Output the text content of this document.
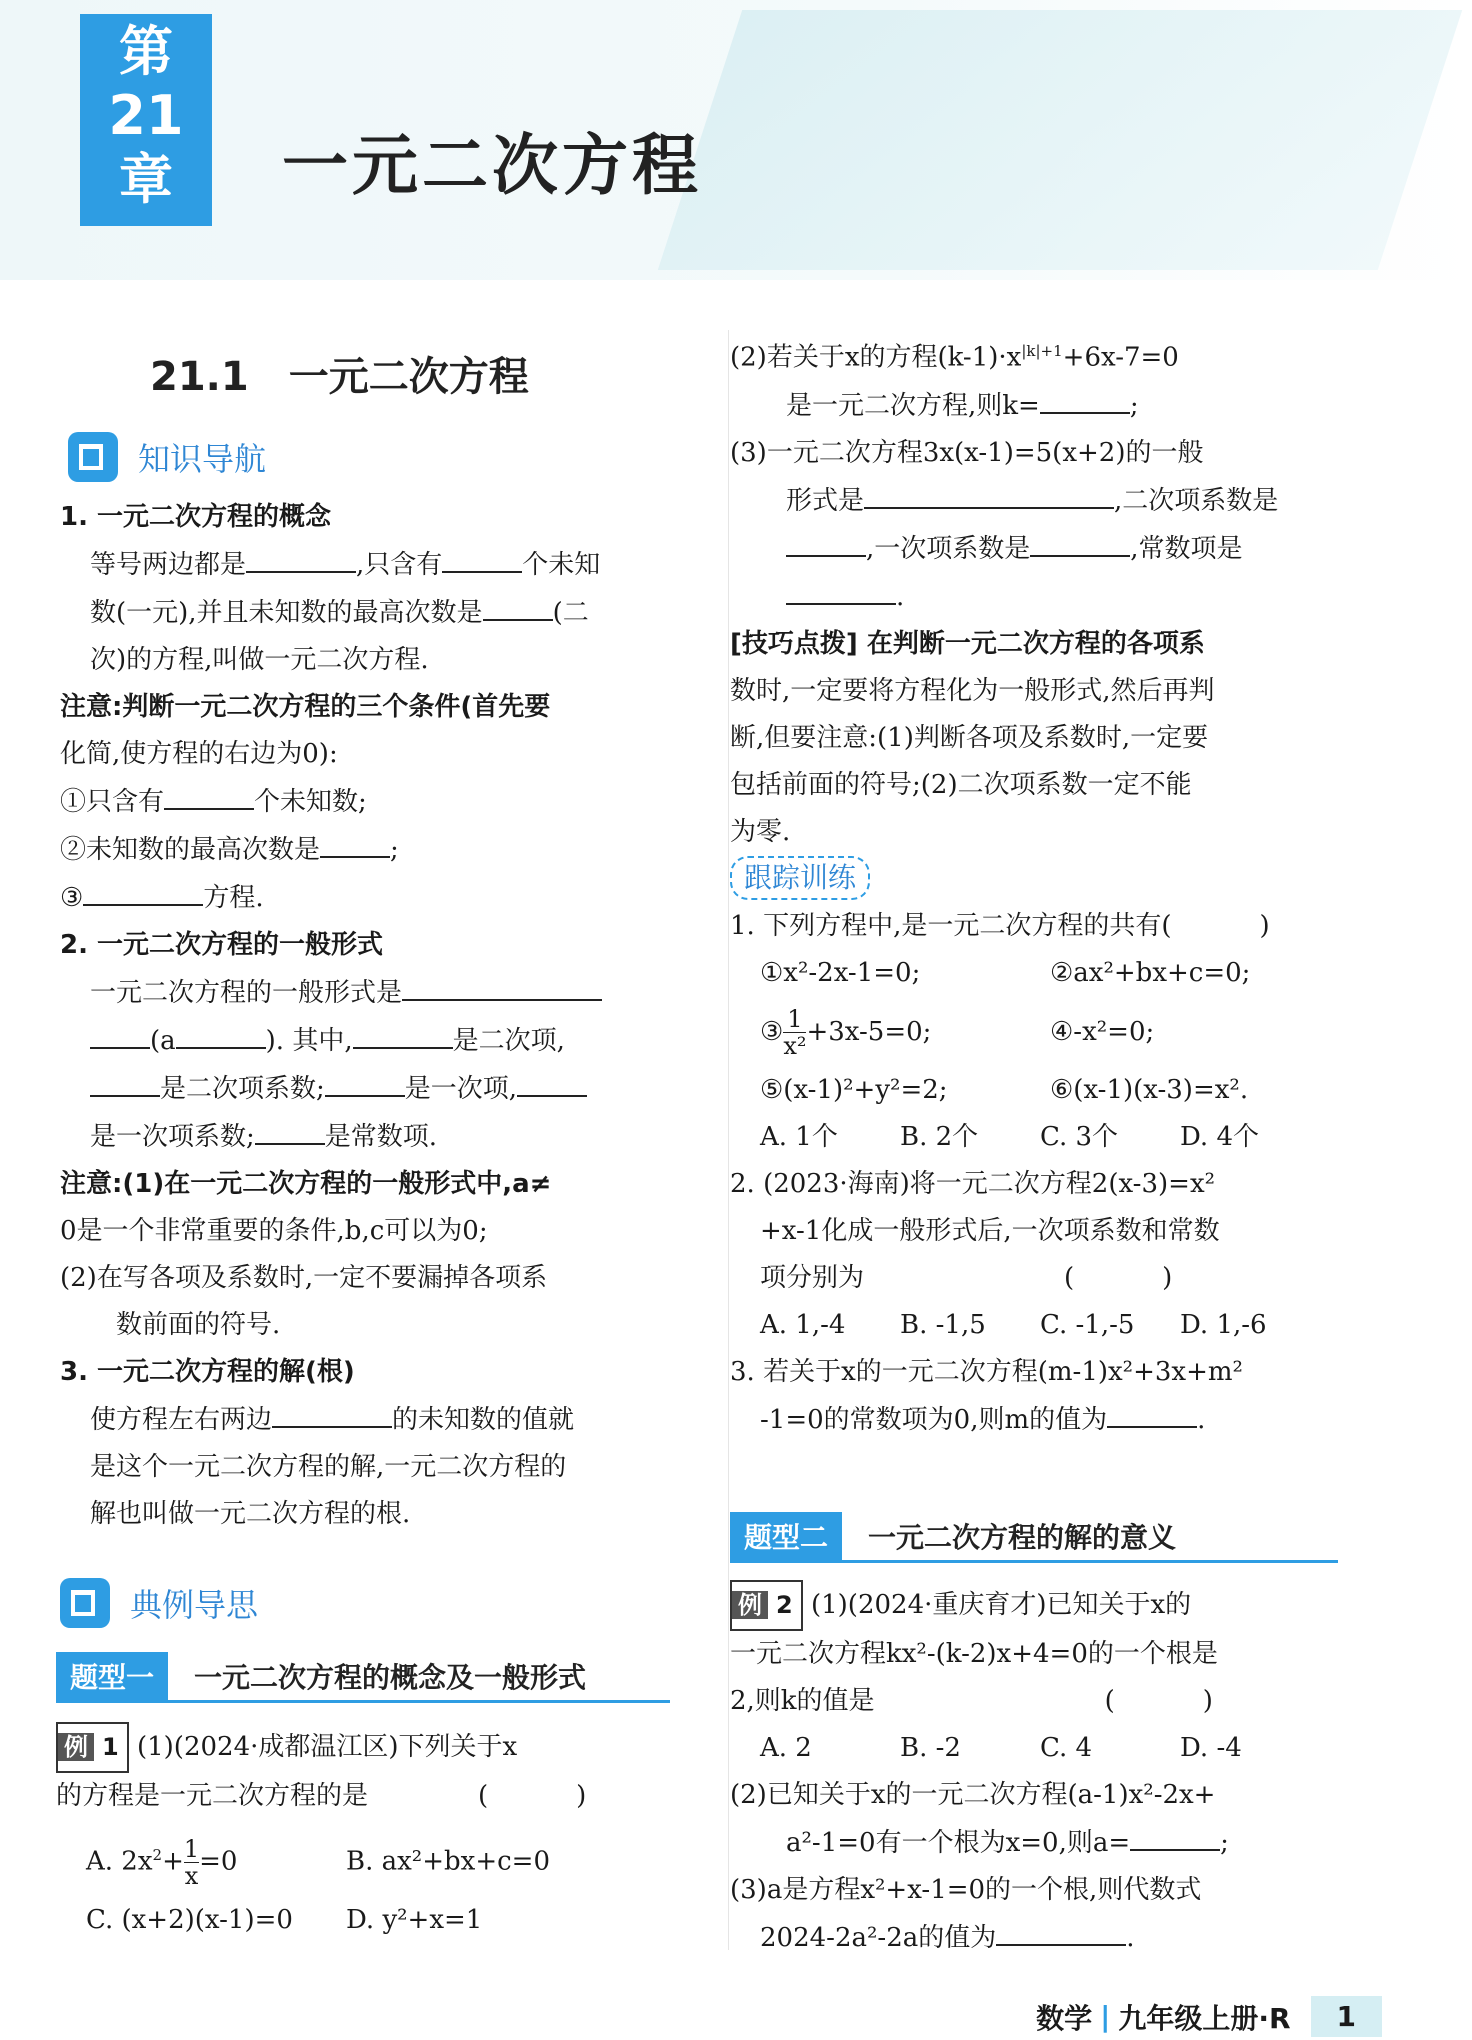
第
21
章	一元二次方程
21.1　一元二次方程
知识导航

1. 一元二次方程的概念

等号两边都是	,只含有	个未知

数(一元),并且未知数的最高次数是	(二

次)的方程,叫做一元二次方程.

注意:判断一元二次方程的三个条件(首先要

化简,使方程的右边为0):

①只含有	个未知数;

②未知数的最高次数是	;

③	方程.

2. 一元二次方程的一般形式

一元二次方程的一般形式是

(a	). 其中,	是二次项,

是二次项系数;	是一次项,

是一次项系数;	是常数项.

注意:(1)在一元二次方程的一般形式中,a≠

0是一个非常重要的条件,b,c可以为0;

(2)在写各项及系数时,一定不要漏掉各项系

数前面的符号.

3. 一元二次方程的解(根)

使方程左右两边	的未知数的值就

是这个一元二次方程的解,一元二次方程的

解也叫做一元二次方程的根.

典例导思
题型一	一元二次方程的概念及一般形式

例 1 (1)(2024·成都温江区)下列关于x

的方程是一元二次方程的是	(	)

A. $2x^2+ \frac{1}{x} =0$	B. ax²+bx+c=0

C. (x+2)(x-1)=0 D. y²+x=1

(2)若关于x的方程$(k-1)\cdot x^{|k|+1}+6x-7=0$

是一元二次方程,则k=	;

(3)一元二次方程3x(x-1)=5(x+2)的一般

形式是	,二次项系数是

,一次项系数是	,常数项是

.

[技巧点拨] 在判断一元二次方程的各项系

数时,一定要将方程化为一般形式,然后再判

断,但要注意:(1)判断各项及系数时,一定要

包括前面的符号;(2)二次项系数一定不能

为零.

跟踪训练

1. 下列方程中,是一元二次方程的共有(	)

①x²-2x-1=0;	②ax²+bx+c=0;

③ $\frac{1}{\text{x²}} +3x-5=0$;	④-x²=0;

⑤(x-1)²+y²=2;	⑥(x-1)(x-3)=x².

A. 1个 B. 2个 C. 3个 D. 4个

2. (2023·海南)将一元二次方程2(x-3)=x²

+x-1化成一般形式后,一次项系数和常数

项分别为	(	)

A. 1,-4 B. -1,5 C. -1,-5 D. 1,-6

3. 若关于x的一元二次方程(m-1)x²+3x+m²

-1=0的常数项为0,则m的值为	.

题型二	一元二次方程的解的意义

例 2 (1)(2024·重庆育才)已知关于x的

一元二次方程kx²-(k-2)x+4=0的一个根是

2,则k的值是	(	)

A. 2	B. -2	C. 4	D. -4

(2)已知关于x的一元二次方程(a-1)x²-2x+

a²-1=0有一个根为x=0,则a=	;

(3)a是方程x²+x-1=0的一个根,则代数式

2024-2a²-2a的值为	.

数学 | 九年级上册·R	1
